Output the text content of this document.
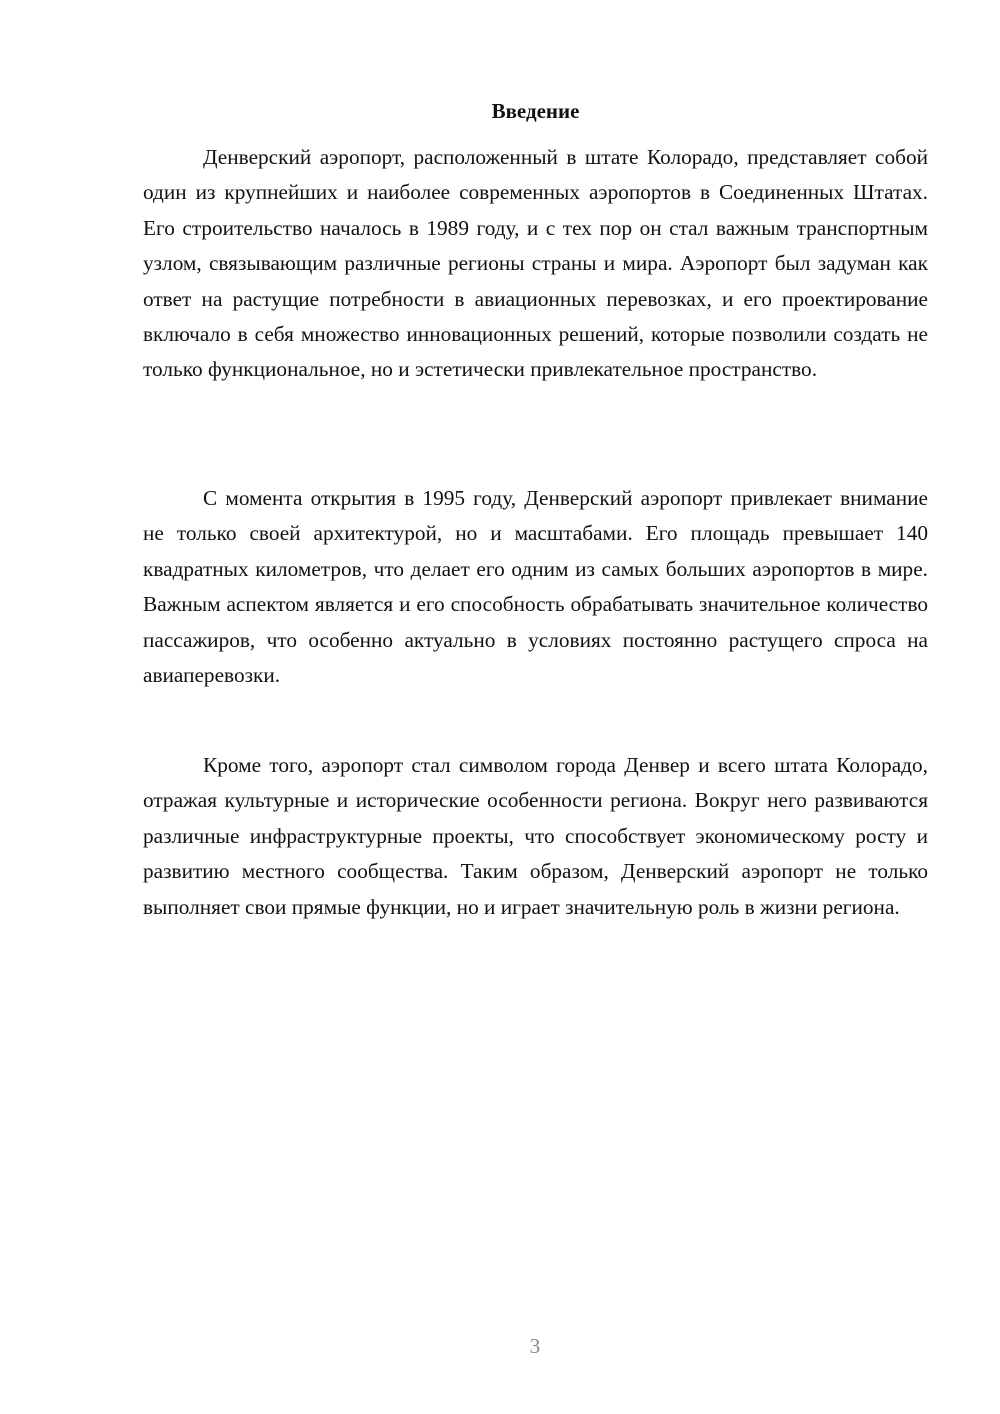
Введение

Денверский аэропорт, расположенный в штате Колорадо, представляет собой один из крупнейших и наиболее современных аэропортов в Соединенных Штатах. Его строительство началось в 1989 году, и с тех пор он стал важным транспортным узлом, связывающим различные регионы страны и мира. Аэропорт был задуман как ответ на растущие потребности в авиационных перевозках, и его проектирование включало в себя множество инновационных решений, которые позволили создать не только функциональное, но и эстетически привлекательное пространство.

С момента открытия в 1995 году, Денверский аэропорт привлекает внимание не только своей архитектурой, но и масштабами. Его площадь превышает 140 квадратных километров, что делает его одним из самых больших аэропортов в мире. Важным аспектом является и его способность обрабатывать значительное количество пассажиров, что особенно актуально в условиях постоянно растущего спроса на авиаперевозки.

Кроме того, аэропорт стал символом города Денвер и всего штата Колорадо, отражая культурные и исторические особенности региона. Вокруг него развиваются различные инфраструктурные проекты, что способствует экономическому росту и развитию местного сообщества. Таким образом, Денверский аэропорт не только выполняет свои прямые функции, но и играет значительную роль в жизни региона.

3
